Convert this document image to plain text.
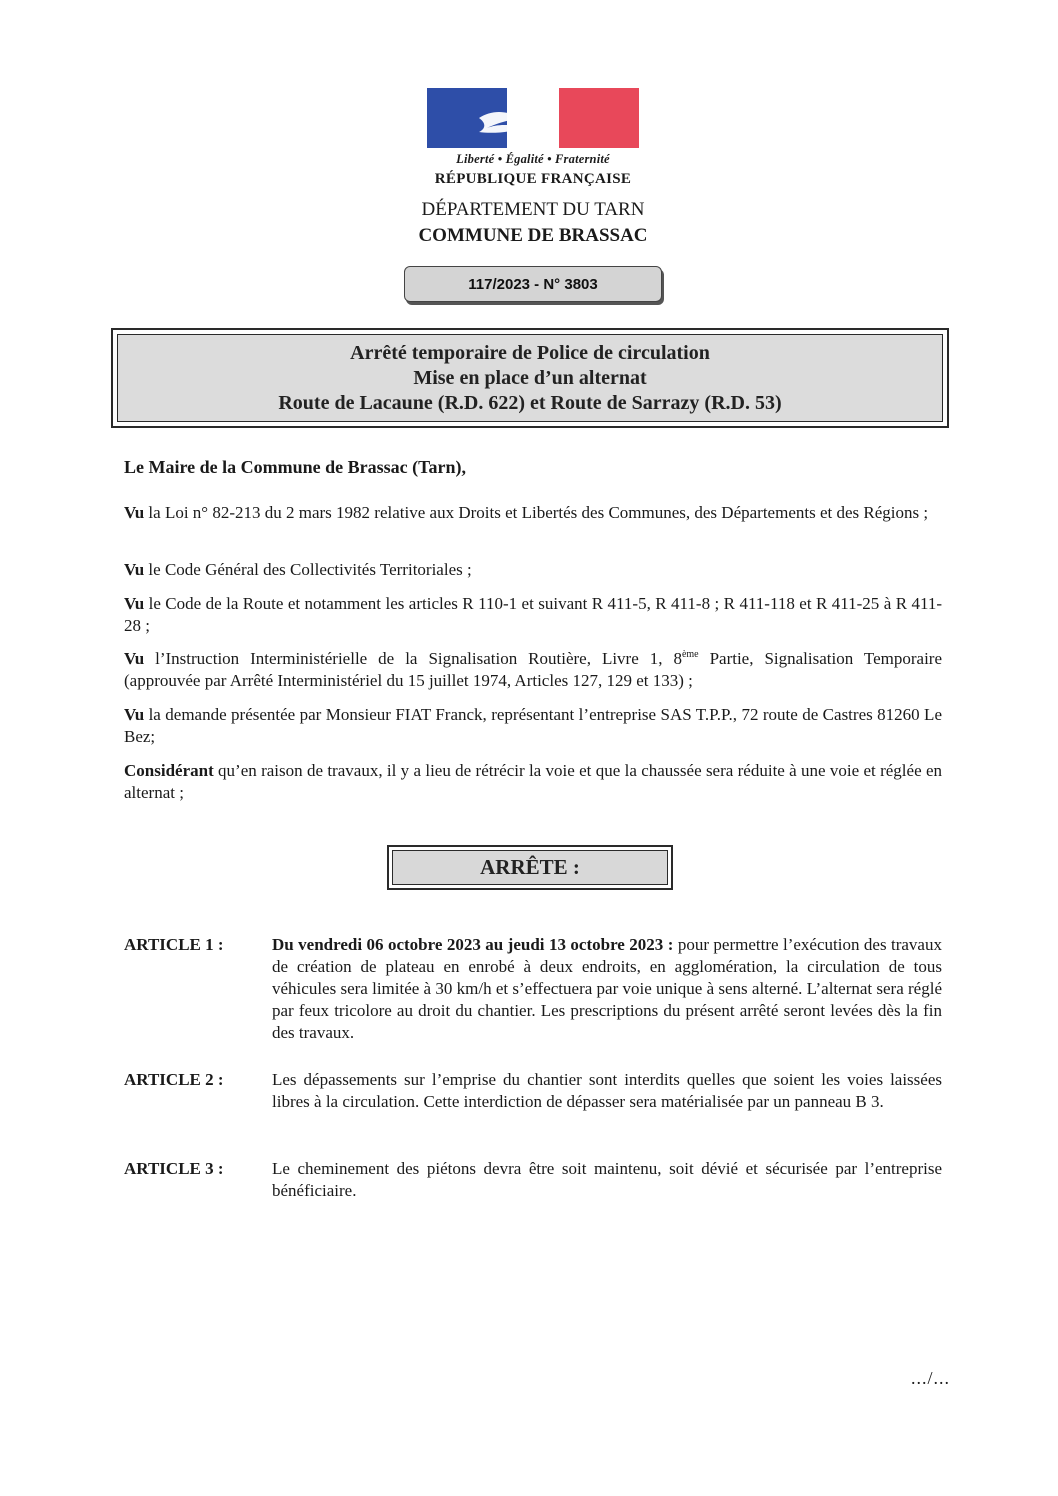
Liberté • Égalité • Fraternité
RÉPUBLIQUE FRANÇAISE
DÉPARTEMENT DU TARN
COMMUNE DE BRASSAC
117/2023 - N° 3803
Arrêté temporaire de Police de circulation
Mise en place d’un alternat
Route de Lacaune (R.D. 622) et Route de Sarrazy (R.D. 53)
Le Maire de la Commune de Brassac (Tarn),
Vu la Loi n° 82-213 du 2 mars 1982 relative aux Droits et Libertés des Communes, des Départements et des Régions ;
Vu le Code Général des Collectivités Territoriales ;
Vu le Code de la Route et notamment les articles R 110-1 et suivant R 411-5, R 411-8 ; R 411-118 et R 411-25 à R 411-28 ;
Vu l’Instruction Interministérielle de la Signalisation Routière, Livre 1, 8ème Partie, Signalisation Temporaire (approuvée par Arrêté Interministériel du 15 juillet 1974, Articles 127, 129 et 133) ;
Vu la demande présentée par Monsieur FIAT Franck, représentant l’entreprise SAS T.P.P., 72 route de Castres 81260 Le Bez;
Considérant qu’en raison de travaux, il y a lieu de rétrécir la voie et que la chaussée sera réduite à une voie et réglée en alternat ;
ARRÊTE :
ARTICLE 1 :	Du vendredi 06 octobre 2023 au jeudi 13 octobre 2023 : pour permettre l’exécution des travaux de création de plateau en enrobé à deux endroits, en agglomération, la circulation de tous véhicules sera limitée à 30 km/h et s’effectuera par voie unique à sens alterné. L’alternat sera réglé par feux tricolore au droit du chantier. Les prescriptions du présent arrêté seront levées dès la fin des travaux.
ARTICLE 2 :	Les dépassements sur l’emprise du chantier sont interdits quelles que soient les voies laissées libres à la circulation. Cette interdiction de dépasser sera matérialisée par un panneau B 3.
ARTICLE 3 :	Le cheminement des piétons devra être soit maintenu, soit dévié et sécurisée par l’entreprise bénéficiaire.
.../...
